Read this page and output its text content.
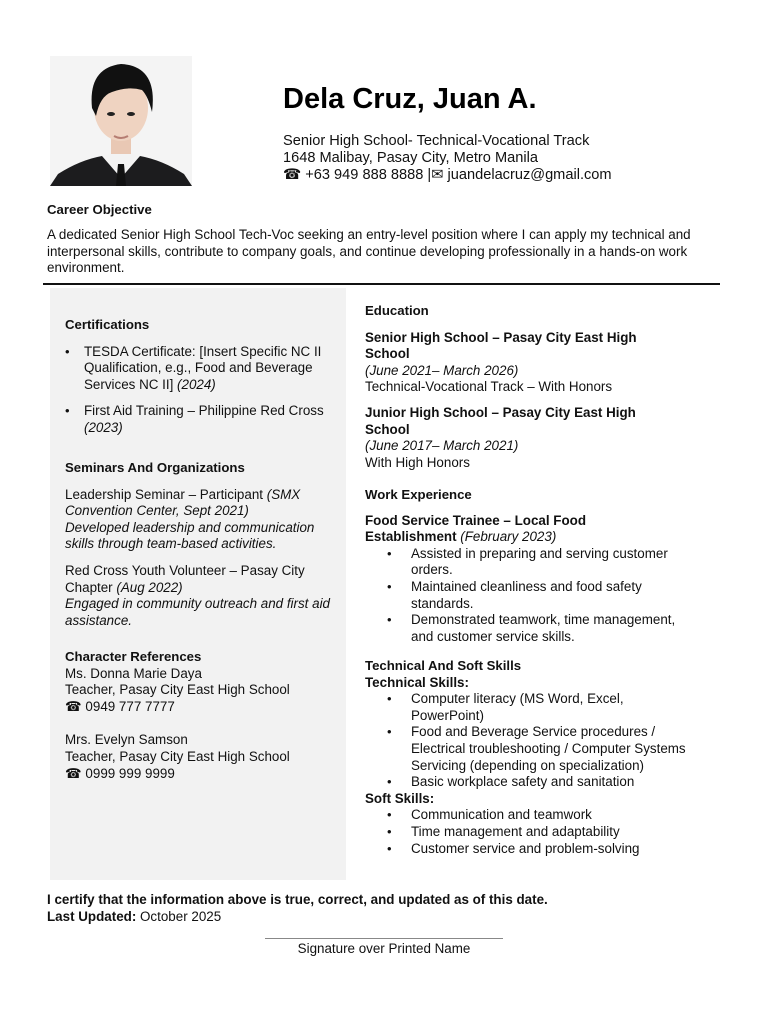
Dela Cruz, Juan A.
Senior High School- Technical-Vocational Track
1648 Malibay, Pasay City, Metro Manila
☎ +63 949 888 8888 |✉ juandelacruz@gmail.com
Career Objective
A dedicated Senior High School Tech-Voc seeking an entry-level position where I can apply my technical and interpersonal skills, contribute to company goals, and continue developing professionally in a hands-on work environment.
Certifications
• TESDA Certificate: [Insert Specific NC II Qualification, e.g., Food and Beverage Services NC II] (2024)
• First Aid Training – Philippine Red Cross (2023)
Seminars And Organizations
Leadership Seminar – Participant (SMX Convention Center, Sept 2021)
Developed leadership and communication skills through team-based activities.
Red Cross Youth Volunteer – Pasay City Chapter (Aug 2022)
Engaged in community outreach and first aid assistance.
Character References
Ms. Donna Marie Daya
Teacher, Pasay City East High School
☎ 0949 777 7777
Mrs. Evelyn Samson
Teacher, Pasay City East High School
☎ 0999 999 9999
Education
Senior High School – Pasay City East High School
(June 2021– March 2026)
Technical-Vocational Track – With Honors
Junior High School – Pasay City East High School
(June 2017– March 2021)
With High Honors
Work Experience
Food Service Trainee – Local Food Establishment (February 2023)
• Assisted in preparing and serving customer orders.
• Maintained cleanliness and food safety standards.
• Demonstrated teamwork, time management, and customer service skills.
Technical And Soft Skills
Technical Skills:
• Computer literacy (MS Word, Excel, PowerPoint)
• Food and Beverage Service procedures / Electrical troubleshooting / Computer Systems Servicing (depending on specialization)
• Basic workplace safety and sanitation
Soft Skills:
• Communication and teamwork
• Time management and adaptability
• Customer service and problem-solving
I certify that the information above is true, correct, and updated as of this date.
Last Updated: October 2025
Signature over Printed Name
